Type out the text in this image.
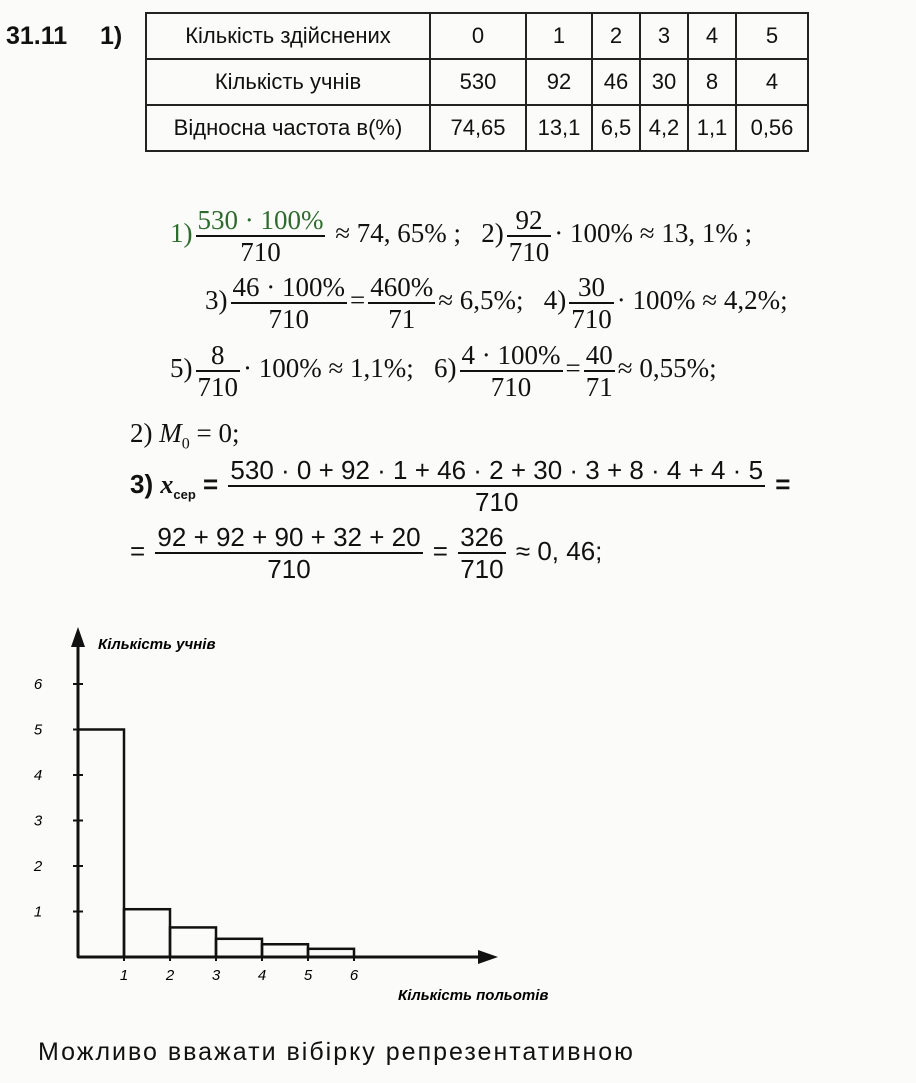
31.11 1)	Кількість здійснених	0	1	2	3	4	5
Кількість учнів	530	92	46	30	8	4
Відносна частота в(%)	74,65	13,1	6,5	4,2	1,1	0,56
$1) \frac{530 \cdot 100\%}{710} \approx 74$, 65% ; $2) \frac{92}{710} \cdot 100\% \approx 13$, 1% ;
$3) \frac{46 \cdot 100\%}{710} = \frac{460\%}{71} \approx 6,5\%$; $4) \frac{30}{710} \cdot 100\% \approx 4,2\%$;
$5) \frac{8}{710} \cdot 100\% \approx 1,1\%$; $6) \frac{4 \cdot 100\%}{710} = \frac{40}{71} \approx 0,55\%$;
2) $M_0 = 0$;
3) $x_{сер} = \frac{530 \cdot 0 + 92 \cdot 1 + 46 \cdot 2 + 30 \cdot 3 + 8 \cdot 4 + 4 \cdot 5}{710}$ =
= $\frac{92 + 92 + 90 + 32 + 20}{710} = \frac{326}{710} \approx 0$, 46;
Кількість учнів
Кількість польотів
1
2
3
4
5
6
1	2	3	4	5	6
Можливо вважати вібірку репрезентативною
